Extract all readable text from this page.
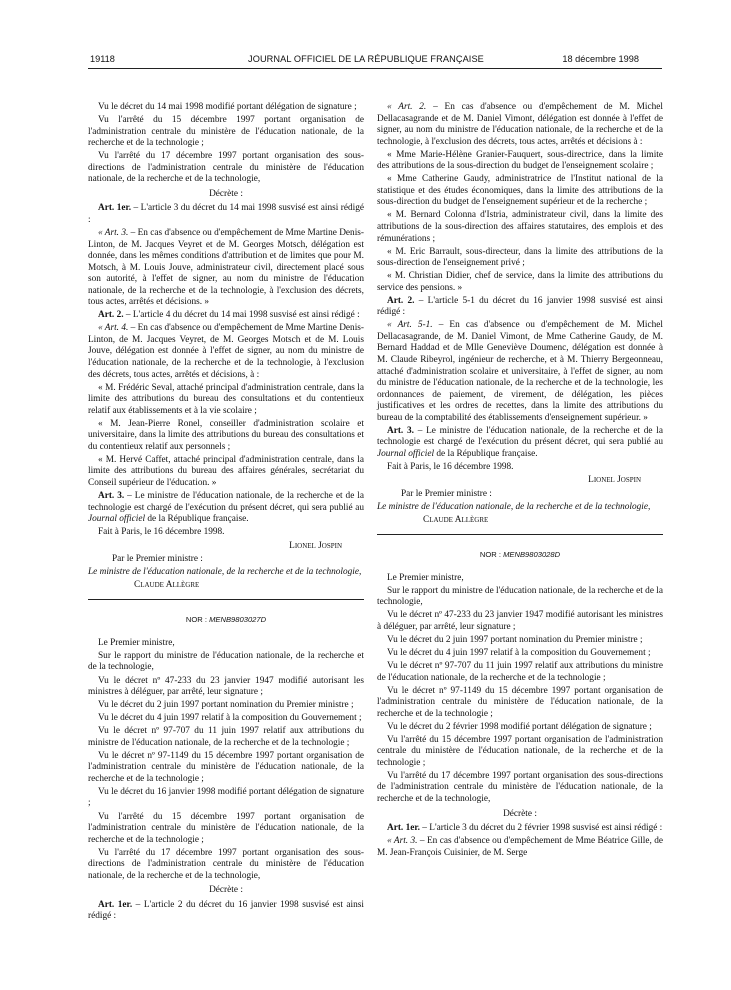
19118	JOURNAL OFFICIEL DE LA RÉPUBLIQUE FRANÇAISE	18 décembre 1998

Vu le décret du 14 mai 1998 modifié portant délégation de signature ;

Vu l'arrêté du 15 décembre 1997 portant organisation de l'administration centrale du ministère de l'éducation nationale, de la recherche et de la technologie ;

Vu l'arrêté du 17 décembre 1997 portant organisation des sous-directions de l'administration centrale du ministère de l'éducation nationale, de la recherche et de la technologie,

Décrète :

Art. 1er. – L'article 3 du décret du 14 mai 1998 susvisé est ainsi rédigé :

« Art. 3. – En cas d'absence ou d'empêchement de Mme Martine Denis-Linton, de M. Jacques Veyret et de M. Georges Motsch, délégation est donnée, dans les mêmes conditions d'attribution et de limites que pour M. Motsch, à M. Louis Jouve, administrateur civil, directement placé sous son autorité, à l'effet de signer, au nom du ministre de l'éducation nationale, de la recherche et de la technologie, à l'exclusion des décrets, tous actes, arrêtés et décisions. »

Art. 2. – L'article 4 du décret du 14 mai 1998 susvisé est ainsi rédigé :

« Art. 4. – En cas d'absence ou d'empêchement de Mme Martine Denis-Linton, de M. Jacques Veyret, de M. Georges Motsch et de M. Louis Jouve, délégation est donnée à l'effet de signer, au nom du ministre de l'éducation nationale, de la recherche et de la technologie, à l'exclusion des décrets, tous actes, arrêtés et décisions, à :

« M. Frédéric Seval, attaché principal d'administration centrale, dans la limite des attributions du bureau des consultations et du contentieux relatif aux établissements et à la vie scolaire ;

« M. Jean-Pierre Ronel, conseiller d'administration scolaire et universitaire, dans la limite des attributions du bureau des consultations et du contentieux relatif aux personnels ;

« M. Hervé Caffet, attaché principal d'administration centrale, dans la limite des attributions du bureau des affaires générales, secrétariat du Conseil supérieur de l'éducation. »

Art. 3. – Le ministre de l'éducation nationale, de la recherche et de la technologie est chargé de l'exécution du présent décret, qui sera publié au Journal officiel de la République française.

Fait à Paris, le 16 décembre 1998.

Lionel Jospin

Par le Premier ministre :

Le ministre de l'éducation nationale, de la recherche et de la technologie,

Claude Allègre

NOR : MENB9803027D

Le Premier ministre,

Sur le rapport du ministre de l'éducation nationale, de la recherche et de la technologie,

Vu le décret nº 47-233 du 23 janvier 1947 modifié autorisant les ministres à déléguer, par arrêté, leur signature ;

Vu le décret du 2 juin 1997 portant nomination du Premier ministre ;

Vu le décret du 4 juin 1997 relatif à la composition du Gouvernement ;

Vu le décret nº 97-707 du 11 juin 1997 relatif aux attributions du ministre de l'éducation nationale, de la recherche et de la technologie ;

Vu le décret nº 97-1149 du 15 décembre 1997 portant organisation de l'administration centrale du ministère de l'éducation nationale, de la recherche et de la technologie ;

Vu le décret du 16 janvier 1998 modifié portant délégation de signature ;

Vu l'arrêté du 15 décembre 1997 portant organisation de l'administration centrale du ministère de l'éducation nationale, de la recherche et de la technologie ;

Vu l'arrêté du 17 décembre 1997 portant organisation des sous-directions de l'administration centrale du ministère de l'éducation nationale, de la recherche et de la technologie,

Décrète :

Art. 1er. – L'article 2 du décret du 16 janvier 1998 susvisé est ainsi rédigé :

« Art. 2. – En cas d'absence ou d'empêchement de M. Michel Dellacasagrande et de M. Daniel Vimont, délégation est donnée à l'effet de signer, au nom du ministre de l'éducation nationale, de la recherche et de la technologie, à l'exclusion des décrets, tous actes, arrêtés et décisions à :

« Mme Marie-Hélène Granier-Fauquert, sous-directrice, dans la limite des attributions de la sous-direction du budget de l'enseignement scolaire ;

« Mme Catherine Gaudy, administratrice de l'Institut national de la statistique et des études économiques, dans la limite des attributions de la sous-direction du budget de l'enseignement supérieur et de la recherche ;

« M. Bernard Colonna d'Istria, administrateur civil, dans la limite des attributions de la sous-direction des affaires statutaires, des emplois et des rémunérations ;

« M. Eric Barrault, sous-directeur, dans la limite des attributions de la sous-direction de l'enseignement privé ;

« M. Christian Didier, chef de service, dans la limite des attributions du service des pensions. »

Art. 2. – L'article 5-1 du décret du 16 janvier 1998 susvisé est ainsi rédigé :

« Art. 5-1. – En cas d'absence ou d'empêchement de M. Michel Dellacasagrande, de M. Daniel Vimont, de Mme Catherine Gaudy, de M. Bernard Haddad et de Mlle Geneviève Doumenc, délégation est donnée à M. Claude Ribeyrol, ingénieur de recherche, et à M. Thierry Bergeonneau, attaché d'administration scolaire et universitaire, à l'effet de signer, au nom du ministre de l'éducation nationale, de la recherche et de la technologie, les ordonnances de paiement, de virement, de délégation, les pièces justificatives et les ordres de recettes, dans la limite des attributions du bureau de la comptabilité des établissements d'enseignement supérieur. »

Art. 3. – Le ministre de l'éducation nationale, de la recherche et de la technologie est chargé de l'exécution du présent décret, qui sera publié au Journal officiel de la République française.

Fait à Paris, le 16 décembre 1998.

Lionel Jospin

Par le Premier ministre :

Le ministre de l'éducation nationale, de la recherche et de la technologie,

Claude Allègre

NOR : MENB9803028D

Le Premier ministre,

Sur le rapport du ministre de l'éducation nationale, de la recherche et de la technologie,

Vu le décret nº 47-233 du 23 janvier 1947 modifié autorisant les ministres à déléguer, par arrêté, leur signature ;

Vu le décret du 2 juin 1997 portant nomination du Premier ministre ;

Vu le décret du 4 juin 1997 relatif à la composition du Gouvernement ;

Vu le décret nº 97-707 du 11 juin 1997 relatif aux attributions du ministre de l'éducation nationale, de la recherche et de la technologie ;

Vu le décret nº 97-1149 du 15 décembre 1997 portant organisation de l'administration centrale du ministère de l'éducation nationale, de la recherche et de la technologie ;

Vu le décret du 2 février 1998 modifié portant délégation de signature ;

Vu l'arrêté du 15 décembre 1997 portant organisation de l'administration centrale du ministère de l'éducation nationale, de la recherche et de la technologie ;

Vu l'arrêté du 17 décembre 1997 portant organisation des sous-directions de l'administration centrale du ministère de l'éducation nationale, de la recherche et de la technologie,

Décrète :

Art. 1er. – L'article 3 du décret du 2 février 1998 susvisé est ainsi rédigé :

« Art. 3. – En cas d'absence ou d'empêchement de Mme Béatrice Gille, de M. Jean-François Cuisinier, de M. Serge
